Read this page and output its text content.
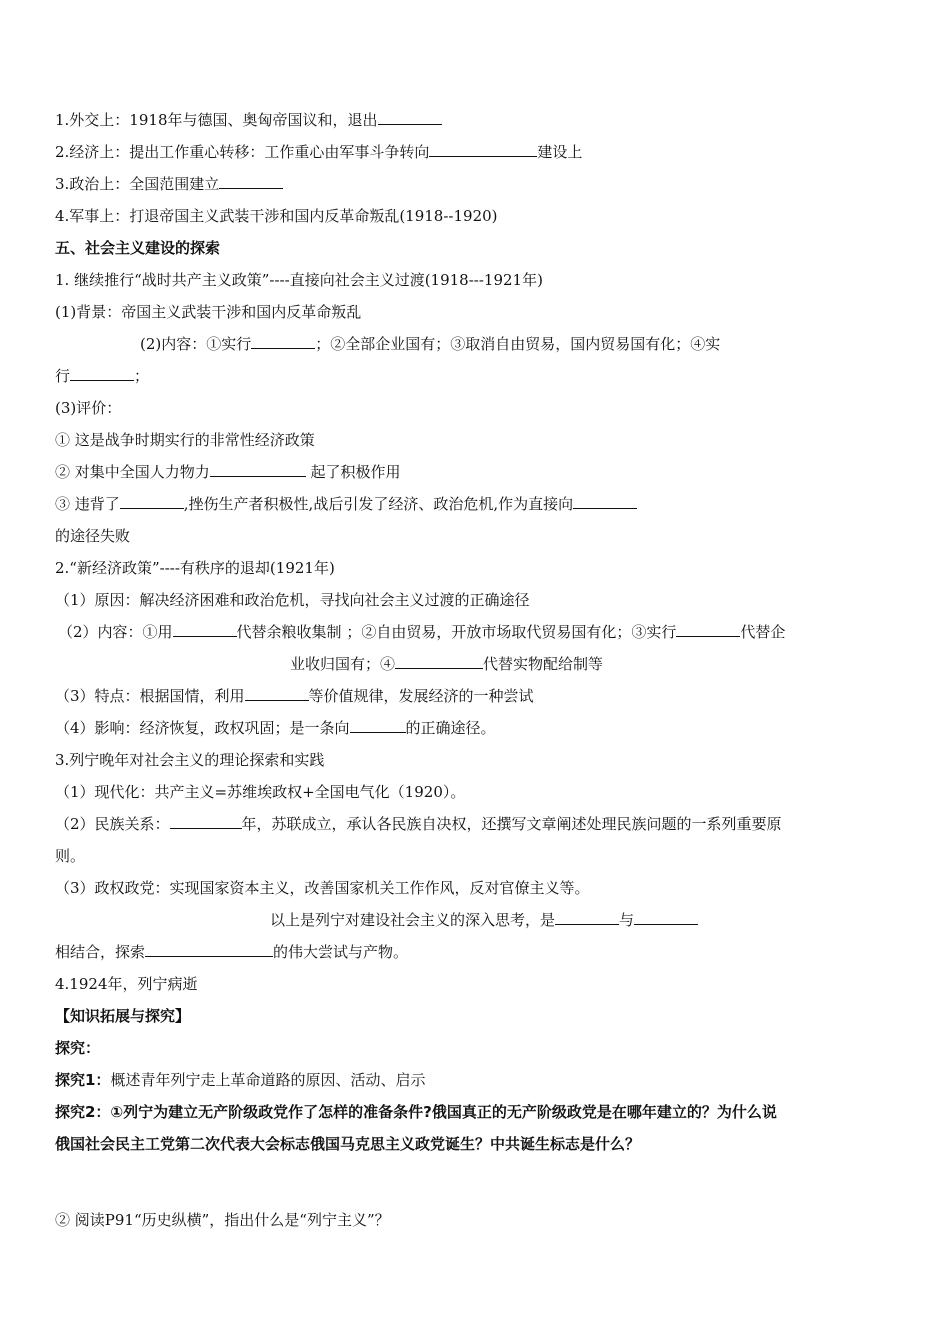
1.外交上：1918年与德国、奥匈帝国议和，退出
2.经济上：提出工作重心转移：工作重心由军事斗争转向	建设上
3.政治上：全国范围建立
4.军事上：打退帝国主义武装干涉和国内反革命叛乱(1918--1920)
五、社会主义建设的探索
1. 继续推行“战时共产主义政策”----直接向社会主义过渡(1918---1921年)
(1)背景：帝国主义武装干涉和国内反革命叛乱
(2)内容：①实行	；②全部企业国有；③取消自由贸易，国内贸易国有化；④实
行	；
(3)评价：
① 这是战争时期实行的非常性经济政策
② 对集中全国人力物力	起了积极作用
③ 违背了	,挫伤生产者积极性,战后引发了经济、政治危机,作为直接向
的途径失败
2.“新经济政策”----有秩序的退却(1921年)
（1）原因：解决经济困难和政治危机，寻找向社会主义过渡的正确途径
（2）内容：①用	代替余粮收集制 ；②自由贸易，开放市场取代贸易国有化；③实行	代替企
业收归国有；④	代替实物配给制等
（3）特点：根据国情，利用	等价值规律，发展经济的一种尝试
（4）影响：经济恢复，政权巩固；是一条向	的正确途径。
3.列宁晚年对社会主义的理论探索和实践
（1）现代化：共产主义=苏维埃政权+全国电气化（1920）。
（2）民族关系：	年，苏联成立，承认各民族自决权，还撰写文章阐述处理民族问题的一系列重要原
则。
（3）政权政党：实现国家资本主义，改善国家机关工作作风，反对官僚主义等。
以上是列宁对建设社会主义的深入思考，是	与
相结合，探索	的伟大尝试与产物。
4.1924年，列宁病逝
【知识拓展与探究】
探究：
探究1：概述青年列宁走上革命道路的原因、活动、启示
探究2：①列宁为建立无产阶级政党作了怎样的准备条件?俄国真正的无产阶级政党是在哪年建立的？为什么说
俄国社会民主工党第二次代表大会标志俄国马克思主义政党诞生？中共诞生标志是什么？
② 阅读P91“历史纵横”，指出什么是“列宁主义”？
